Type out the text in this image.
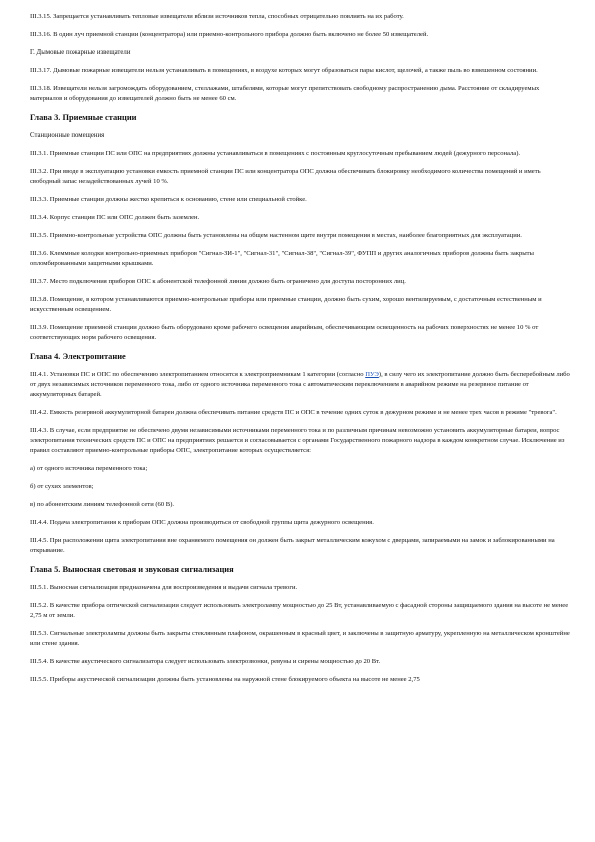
III.3.15. Запрещается устанавливать тепловые извещатели вблизи источников тепла, способных отрицательно повлиять на их работу.

III.3.16. В один луч приемной станции (концентратора) или приемно-контрольного прибора должно быть включено не более 50 извещателей.

Г. Дымовые пожарные извещатели

III.3.17. Дымовые пожарные извещатели нельзя устанавливать в помещениях, в воздухе которых могут образоваться пары кислот, щелочей, а также пыль во взвешенном состоянии.

III.3.18. Извещатели нельзя загромождать оборудованием, стеллажами, штабелями, которые могут препятствовать свободному распространению дыма. Расстояние от складируемых материалов и оборудования до извещателей должно быть не менее 60 см.

Глава 3. Приемные станции

Станционные помещения

III.3.1. Приемные станции ПС или ОПС на предприятиях должны устанавливаться в помещениях с постоянным круглосуточным пребыванием людей (дежурного персонала).

III.3.2. При вводе в эксплуатацию установки емкость приемной станции ПС или концентратора ОПС должна обеспечивать блокировку необходимого количества помещений и иметь свободный запас незадействованных лучей 10 %.

III.3.3. Приемные станции должны жестко крепиться к основанию, стене или специальной стойке.

III.3.4. Корпус станции ПС или ОПС должен быть заземлен.

III.3.5. Приемно-контрольные устройства ОПС должны быть установлены на общем настенном щите внутри помещения в местах, наиболее благоприятных для эксплуатации.

III.3.6. Клеммные колодки контрольно-приемных приборов "Сигнал-ЗИ-1", "Сигнал-31", "Сигнал-38", "Сигнал-39", ФУПП и других аналогичных приборов должны быть закрыты опломбированными защитными крышками.

III.3.7. Место подключения приборов ОПС к абонентской телефонной линии должно быть ограничено для доступа посторонних лиц.

III.3.8. Помещение, в котором устанавливаются приемно-контрольные приборы или приемные станции, должно быть сухим, хорошо вентилируемым, с достаточным естественным и искусственным освещением.

III.3.9. Помещение приемной станции должно быть оборудовано кроме рабочего освещения аварийным, обеспечивающим освещенность на рабочих поверхностях не менее 10 % от соответствующих норм рабочего освещения.

Глава 4. Электропитание

III.4.1. Установки ПС и ОПС по обеспечению электропитанием относятся к электроприемникам 1 категории (согласно ПУЭ), в силу чего их электропитание должно быть бесперебойным либо от двух независимых источников переменного тока, либо от одного источника переменного тока с автоматическим переключением в аварийном режиме на резервное питание от аккумуляторных батарей.

III.4.2. Емкость резервной аккумуляторной батареи должна обеспечивать питание средств ПС и ОПС в течение одних суток в дежурном режиме и не менее трех часов в режиме "тревога".

III.4.3. В случае, если предприятие не обеспечено двумя независимыми источниками переменного тока и по различным причинам невозможно установить аккумуляторные батареи, вопрос электропитания технических средств ПС и ОПС на предприятиях решается и согласовывается с органами Государственного пожарного надзора в каждом конкретном случае. Исключение из правил составляют приемно-контрольные приборы ОПС, электропитание которых осуществляется:

а) от одного источника переменного тока;

б) от сухих элементов;

в) по абонентским линиям телефонной сети (60 В).

III.4.4. Подача электропитания к приборам ОПС должна производиться от свободной группы щита дежурного освещения.

III.4.5. При расположении щита электропитания вне охраняемого помещения он должен быть закрыт металлическим кожухом с дверцами, запираемыми на замок и заблокированными на открывание.

Глава 5. Выносная световая и звуковая сигнализация

III.5.1. Выносная сигнализация предназначена для воспроизведения и выдачи сигнала тревоги.

III.5.2. В качестве прибора оптической сигнализации следует использовать электролампу мощностью до 25 Вт, устанавливаемую с фасадной стороны защищаемого здания на высоте не менее 2,75 м от земли.

III.5.3. Сигнальные электролампы должны быть закрыты стеклянным плафоном, окрашенным в красный цвет, и заключены в защитную арматуру, укрепленную на металлическом кронштейне или стене здания.

III.5.4. В качестве акустического сигнализатора следует использовать электрозвонки, ревуны и сирены мощностью до 20 Вт.

III.5.5. Приборы акустической сигнализации должны быть установлены на наружной стене блокируемого объекта на высоте не менее 2,75
